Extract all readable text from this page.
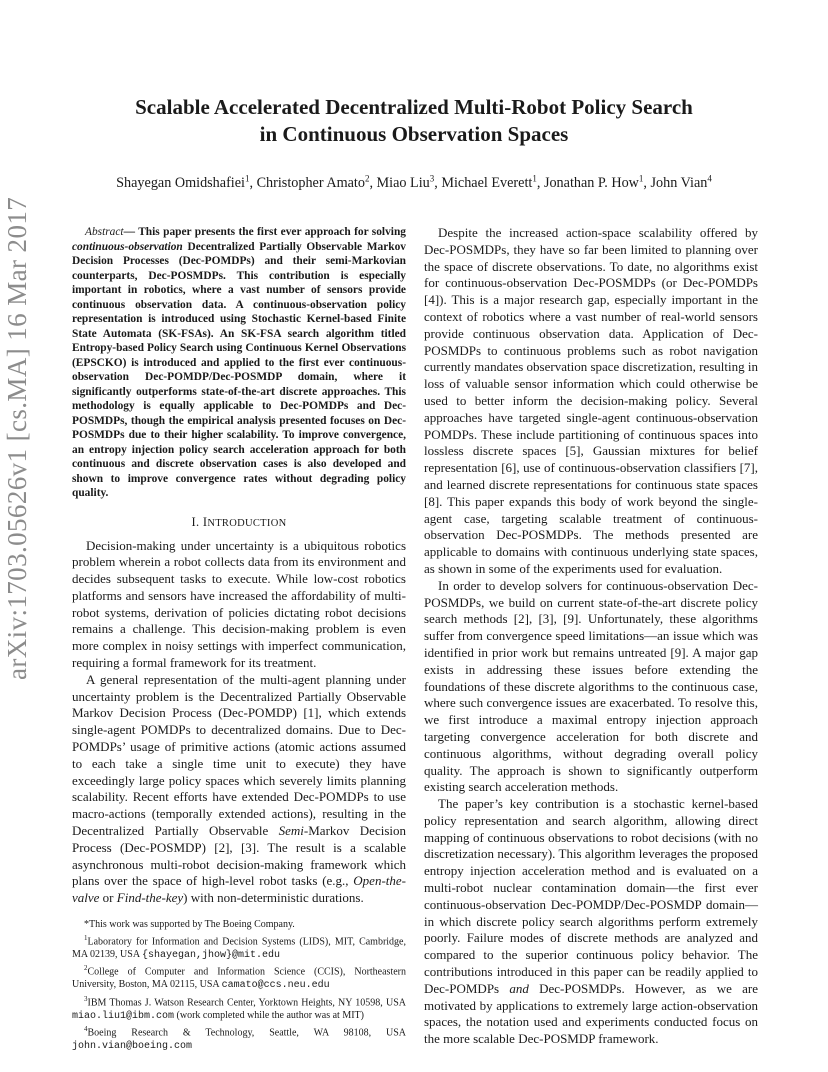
arXiv:1703.05626v1 [cs.MA] 16 Mar 2017
Scalable Accelerated Decentralized Multi-Robot Policy Search
in Continuous Observation Spaces
Shayegan Omidshafiei$^1$, Christopher Amato$^2$, Miao Liu$^3$, Michael Everett$^1$, Jonathan P. How$^1$, John Vian$^4$

Abstract— This paper presents the first ever approach for solving continuous-observation Decentralized Partially Observable Markov Decision Processes (Dec-POMDPs) and their semi-Markovian counterparts, Dec-POSMDPs. This contribution is especially important in robotics, where a vast number of sensors provide continuous observation data. A continuous-observation policy representation is introduced using Stochastic Kernel-based Finite State Automata (SK-FSAs). An SK-FSA search algorithm titled Entropy-based Policy Search using Continuous Kernel Observations (EPSCKO) is introduced and applied to the first ever continuous-observation Dec-POMDP/Dec-POSMDP domain, where it significantly outperforms state-of-the-art discrete approaches. This methodology is equally applicable to Dec-POMDPs and Dec-POSMDPs, though the empirical analysis presented focuses on Dec-POSMDPs due to their higher scalability. To improve convergence, an entropy injection policy search acceleration approach for both continuous and discrete observation cases is also developed and shown to improve convergence rates without degrading policy quality.

I. INTRODUCTION

Decision-making under uncertainty is a ubiquitous robotics problem wherein a robot collects data from its environment and decides subsequent tasks to execute. While low-cost robotics platforms and sensors have increased the affordability of multi-robot systems, derivation of policies dictating robot decisions remains a challenge. This decision-making problem is even more complex in noisy settings with imperfect communication, requiring a formal framework for its treatment.

A general representation of the multi-agent planning under uncertainty problem is the Decentralized Partially Observable Markov Decision Process (Dec-POMDP) [1], which extends single-agent POMDPs to decentralized domains. Due to Dec-POMDPs’ usage of primitive actions (atomic actions assumed to each take a single time unit to execute) they have exceedingly large policy spaces which severely limits planning scalability. Recent efforts have extended Dec-POMDPs to use macro-actions (temporally extended actions), resulting in the Decentralized Partially Observable Semi-Markov Decision Process (Dec-POSMDP) [2], [3]. The result is a scalable asynchronous multi-robot decision-making framework which plans over the space of high-level robot tasks (e.g., Open-the-valve or Find-the-key) with non-deterministic durations.

*This work was supported by The Boeing Company.

$^1$Laboratory for Information and Decision Systems (LIDS), MIT, Cambridge, MA 02139, USA {shayegan,jhow}@mit.edu

$^2$College of Computer and Information Science (CCIS), Northeastern University, Boston, MA 02115, USA camato@ccs.neu.edu

$^3$IBM Thomas J. Watson Research Center, Yorktown Heights, NY 10598, USA miao.liu1@ibm.com (work completed while the author was at MIT)

$^4$Boeing Research & Technology, Seattle, WA 98108, USA john.vian@boeing.com

Despite the increased action-space scalability offered by Dec-POSMDPs, they have so far been limited to planning over the space of discrete observations. To date, no algorithms exist for continuous-observation Dec-POSMDPs (or Dec-POMDPs [4]). This is a major research gap, especially important in the context of robotics where a vast number of real-world sensors provide continuous observation data. Application of Dec-POSMDPs to continuous problems such as robot navigation currently mandates observation space discretization, resulting in loss of valuable sensor information which could otherwise be used to better inform the decision-making policy. Several approaches have targeted single-agent continuous-observation POMDPs. These include partitioning of continuous spaces into lossless discrete spaces [5], Gaussian mixtures for belief representation [6], use of continuous-observation classifiers [7], and learned discrete representations for continuous state spaces [8]. This paper expands this body of work beyond the single-agent case, targeting scalable treatment of continuous-observation Dec-POSMDPs. The methods presented are applicable to domains with continuous underlying state spaces, as shown in some of the experiments used for evaluation.

In order to develop solvers for continuous-observation Dec-POSMDPs, we build on current state-of-the-art discrete policy search methods [2], [3], [9]. Unfortunately, these algorithms suffer from convergence speed limitations—an issue which was identified in prior work but remains untreated [9]. A major gap exists in addressing these issues before extending the foundations of these discrete algorithms to the continuous case, where such convergence issues are exacerbated. To resolve this, we first introduce a maximal entropy injection approach targeting convergence acceleration for both discrete and continuous algorithms, without degrading overall policy quality. The approach is shown to significantly outperform existing search acceleration methods.

The paper’s key contribution is a stochastic kernel-based policy representation and search algorithm, allowing direct mapping of continuous observations to robot decisions (with no discretization necessary). This algorithm leverages the proposed entropy injection acceleration method and is evaluated on a multi-robot nuclear contamination domain—the first ever continuous-observation Dec-POMDP/Dec-POSMDP domain—in which discrete policy search algorithms perform extremely poorly. Failure modes of discrete methods are analyzed and compared to the superior continuous policy behavior. The contributions introduced in this paper can be readily applied to Dec-POMDPs and Dec-POSMDPs. However, as we are motivated by applications to extremely large action-observation spaces, the notation used and experiments conducted focus on the more scalable Dec-POSMDP framework.
